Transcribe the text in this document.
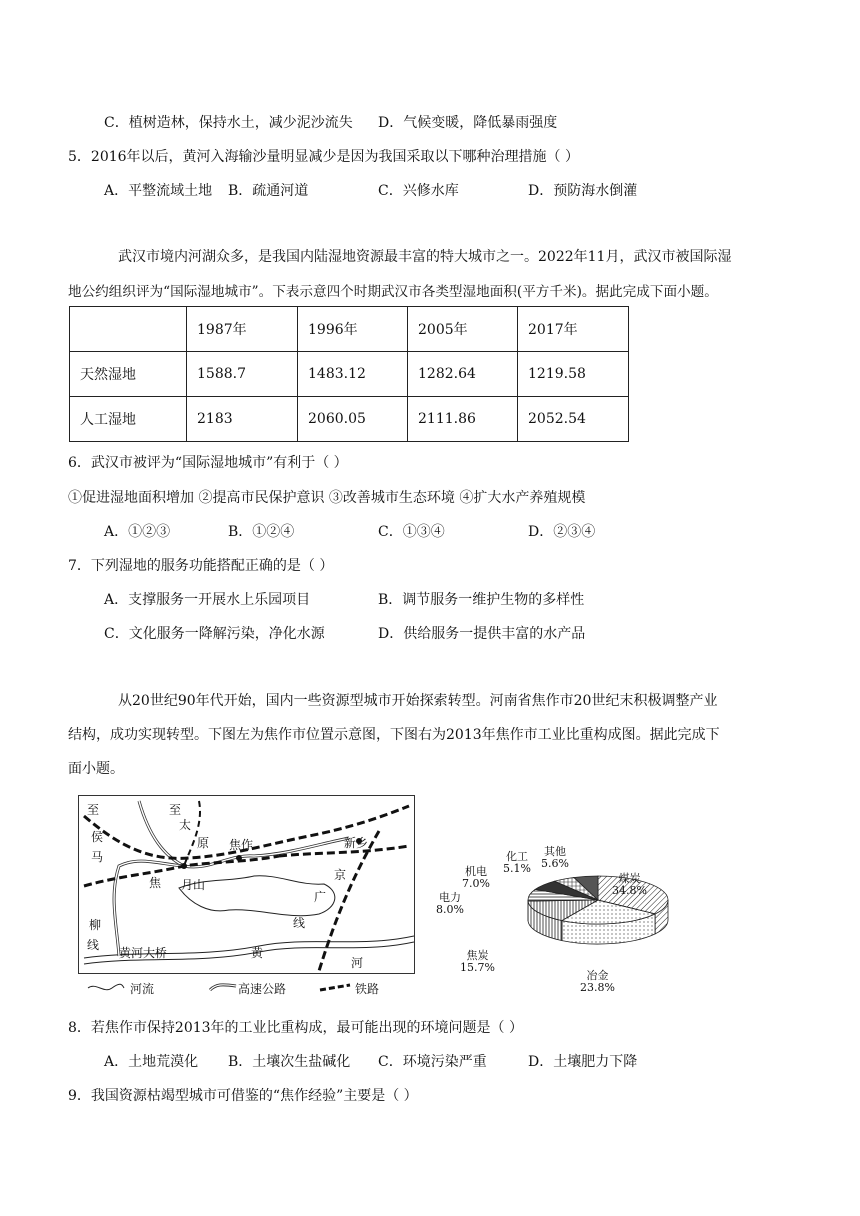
C．植树造林，保持水土，减少泥沙流失 D．气候变暖，降低暴雨强度
5．2016年以后，黄河入海输沙量明显减少是因为我国采取以下哪种治理措施（ ）
A．平整流域土地 B．疏通河道	C．兴修水库	D．预防海水倒灌
武汉市境内河湖众多，是我国内陆湿地资源最丰富的特大城市之一。2022年11月，武汉市被国际湿
地公约组织评为“国际湿地城市”。下表示意四个时期武汉市各类型湿地面积(平方千米)。据此完成下面小题。
	1987年	1996年	2005年	2017年
天然湿地	1588.7	1483.12	1282.64	1219.58
人工湿地	2183	2060.05	2111.86	2052.54
6．武汉市被评为“国际湿地城市”有利于（ ）
①促进湿地面积增加 ②提高市民保护意识 ③改善城市生态环境 ④扩大水产养殖规模
A．①②③	B．①②④	C．①③④	D．②③④
7．下列湿地的服务功能搭配正确的是（ ）
A．支撑服务一开展水上乐园项目	B．调节服务一维护生物的多样性
C．文化服务一降解污染，净化水源	D．供给服务一提供丰富的水产品
从20世纪90年代开始，国内一些资源型城市开始探索转型。河南省焦作市20世纪末积极调整产业
结构，成功实现转型。下图左为焦作市位置示意图，下图右为2013年焦作市工业比重构成图。据此完成下
面小题。
至
侯
马
柳
线
至
太
原 焦作
焦 月山
新乡
京
广
线
黄河大桥	黄
河
河流	高速公路	铁路
煤炭
34.8%
冶金
23.8%
焦炭
15.7%
电力
8.0%
机电
7.0%
化工
5.1%
其他
5.6%
8．若焦作市保持2013年的工业比重构成，最可能出现的环境问题是（ ）
A．土地荒漠化 B．土壤次生盐碱化 C．环境污染严重	D．土壤肥力下降
9．我国资源枯竭型城市可借鉴的“焦作经验”主要是（ ）
